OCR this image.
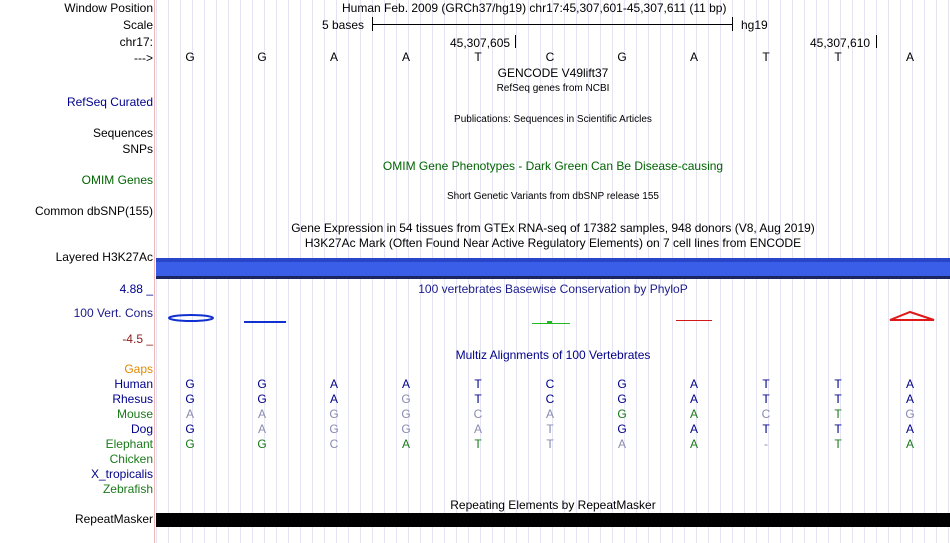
Window Position	Human Feb. 2009 (GRCh37/hg19) chr17:45,307,601-45,307,611 (11 bp)
Scale	5 bases	hg19
chr17:	45,307,605	45,307,610
--->	G	G	A	A	T	C	G	A	T	T	A
GENCODE V49lift37
RefSeq genes from NCBI
RefSeq Curated
Publications: Sequences in Scientific Articles
Sequences
SNPs
OMIM Gene Phenotypes - Dark Green Can Be Disease-causing
OMIM Genes
Short Genetic Variants from dbSNP release 155
Common dbSNP(155)
Gene Expression in 54 tissues from GTEx RNA-seq of 17382 samples, 948 donors (V8, Aug 2019)
H3K27Ac Mark (Often Found Near Active Regulatory Elements) on 7 cell lines from ENCODE
Layered H3K27Ac
4.88 _	100 vertebrates Basewise Conservation by PhyloP
100 Vert. Cons
-4.5 _
Multiz Alignments of 100 Vertebrates
Gaps
Human	G	G	A	A	T	C	G	A	T	T	A
Rhesus	G	G	A	G	T	C	G	A	T	T	A
Mouse	A	A	G	G	C	A	G	A	C	T	G
Dog	G	A	G	G	A	T	G	A	T	T	A
Elephant	G	G	C	A	T	T	A	A	-	T	A
Chicken
X_tropicalis
Zebrafish
Repeating Elements by RepeatMasker
RepeatMasker
